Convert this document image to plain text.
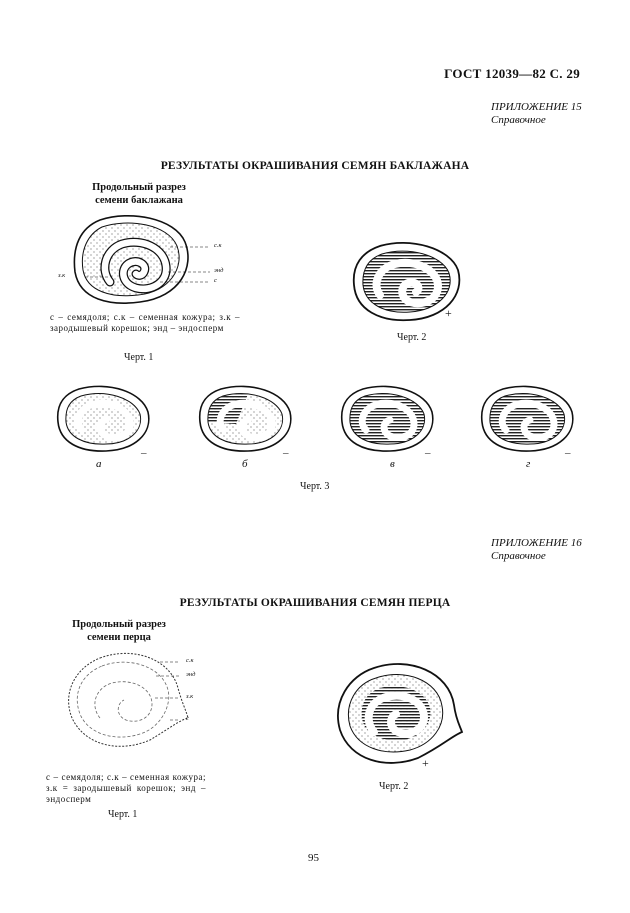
ГОСТ 12039—82 С. 29
ПРИЛОЖЕНИЕ 15
Справочное
РЕЗУЛЬТАТЫ ОКРАШИВАНИЯ СЕМЯН БАКЛАЖАНА
Продольный разрез
семени баклажана
с.к
энд
с
з.к
с – семядоля; с.к – семенная кожура; з.к – зародышевый корешок; энд – эндосперм
Черт. 1
+
Черт. 2
а
–
б
–
в
–
г
–
Черт. 3
ПРИЛОЖЕНИЕ 16
Справочное
РЕЗУЛЬТАТЫ ОКРАШИВАНИЯ СЕМЯН ПЕРЦА
Продольный разрез
семени перца
с.к
энд
з.к
с
с – семядоля; с.к – семенная кожура; з.к = зародышевый корешок; энд – эндосперм
Черт. 1
+
Черт. 2
95
